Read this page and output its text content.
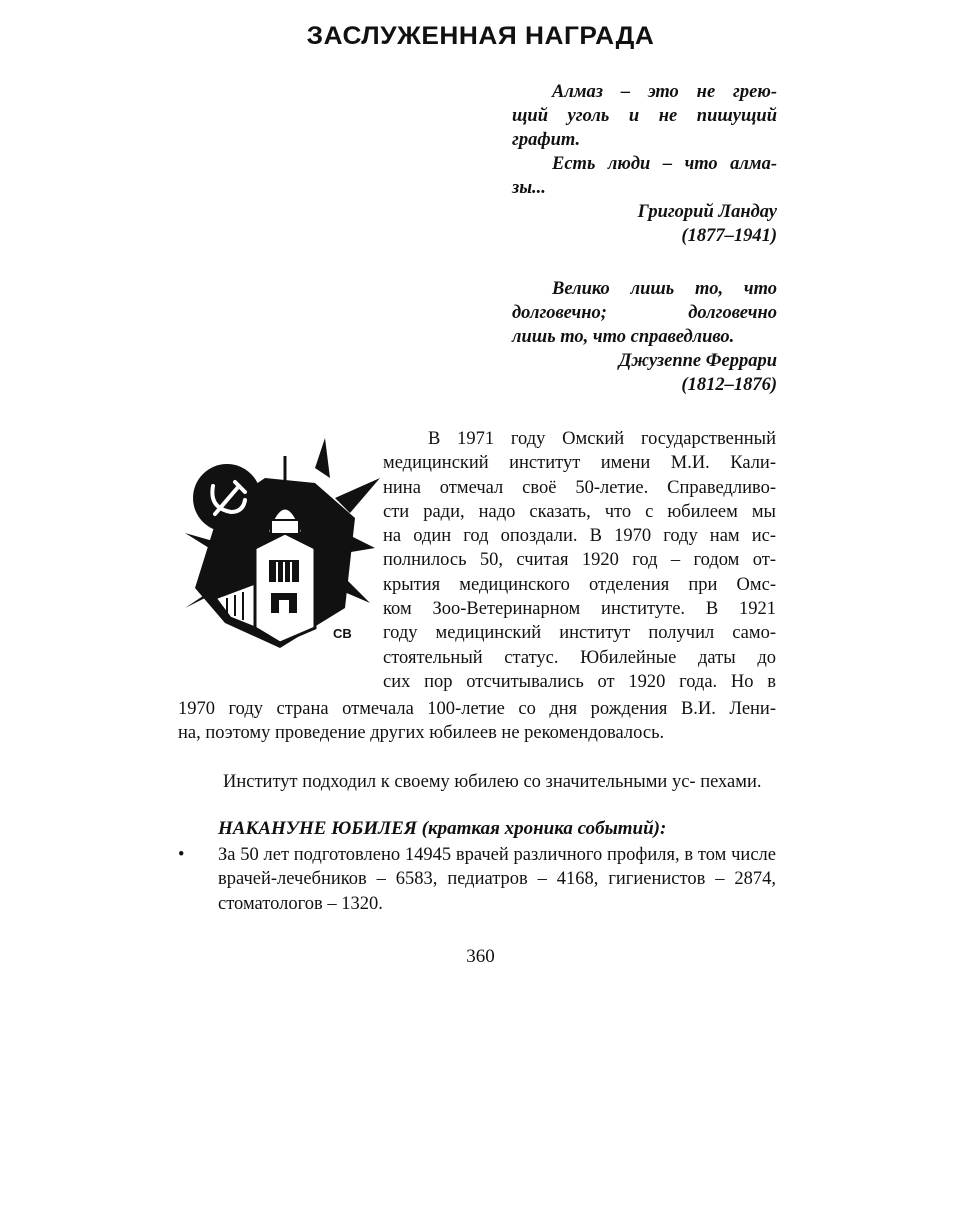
ЗАСЛУЖЕННАЯ НАГРАДА

Алмаз – это не грею-

щий уголь и не пишущий

графит.

Есть люди – что алма-

зы...

Григорий Ландау

(1877–1941)

Велико лишь то, что

долговечно; долговечно

лишь то, что справедливо.

Джузеппе Феррари

(1812–1876)

СВ
В 1971 году Омский государственный
медицинский институт имени М.И. Кали-
нина отмечал своё 50-летие. Справедливо-
сти ради, надо сказать, что с юбилеем мы
на один год опоздали. В 1970 году нам ис-
полнилось 50, считая 1920 год – годом от-
крытия медицинского отделения при Омс-
ком Зоо-Ветеринарном институте. В 1921
году медицинский институт получил само-
стоятельный статус. Юбилейные даты до
сих пор отсчитывались от 1920 года. Но в
1970 году страна отмечала 100-летие со дня рождения В.И. Лени-
на, поэтому проведение других юбилеев не рекомендовалось.
Институт подходил к своему юбилею со значительными ус- пехами.
НАКАНУНЕ ЮБИЛЕЯ (краткая хроника событий):
• За 50 лет подготовлено 14945 врачей различного профиля, в том числе врачей-лечебников – 6583, педиатров – 4168, гигиенистов – 2874, стоматологов – 1320.
360
